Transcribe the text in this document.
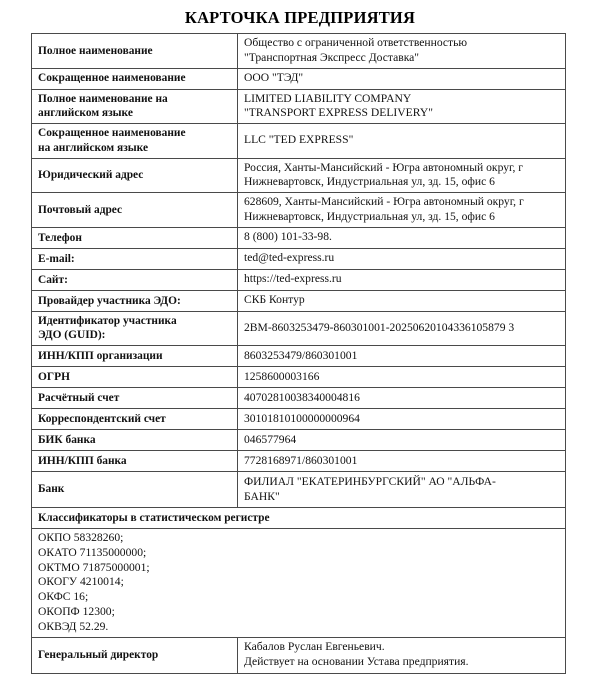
КАРТОЧКА ПРЕДПРИЯТИЯ
Полное наименование	Общество с ограниченной ответственностью
"Транспортная Экспресс Доставка"

Сокращенное наименование	ООО "ТЭД"

Полное наименование на
английском языке	LIMITED LIABILITY COMPANY
"TRANSPORT EXPRESS DELIVERY"

Сокращенное наименование
на английском языке	LLC "TED EXPRESS"

Юридический адрес	Россия, Ханты-Мансийский - Югра автономный округ, г
Нижневартовск, Индустриальная ул, зд. 15, офис 6

Почтовый адрес	628609, Ханты-Мансийский - Югра автономный округ, г
Нижневартовск, Индустриальная ул, зд. 15, офис 6

Телефон	8 (800) 101-33-98.

E-mail:	ted@ted-express.ru

Сайт:	https://ted-express.ru

Провайдер участника ЭДО:	СКБ Контур

Идентификатор участника
ЭДО (GUID):	2BM-8603253479-860301001-20250620104336105879 3

ИНН/КПП организации	8603253479/860301001

ОГРН	1258600003166

Расчётный счет	40702810038340004816

Корреспондентский счет	30101810100000000964

БИК банка	046577964

ИНН/КПП банка	7728168971/860301001

Банк	ФИЛИАЛ "ЕКАТЕРИНБУРГСКИЙ" АО "АЛЬФА-
БАНК"

Классификаторы в статистическом регистре	

ОКПО 58328260;
ОКАТО 71135000000;
ОКТМО 71875000001;
ОКОГУ 4210014;
ОКФС 16;
ОКОПФ 12300;
ОКВЭД 52.29.

Генеральный директор	Кабалов Руслан Евгеньевич.
Действует на основании Устава предприятия.
